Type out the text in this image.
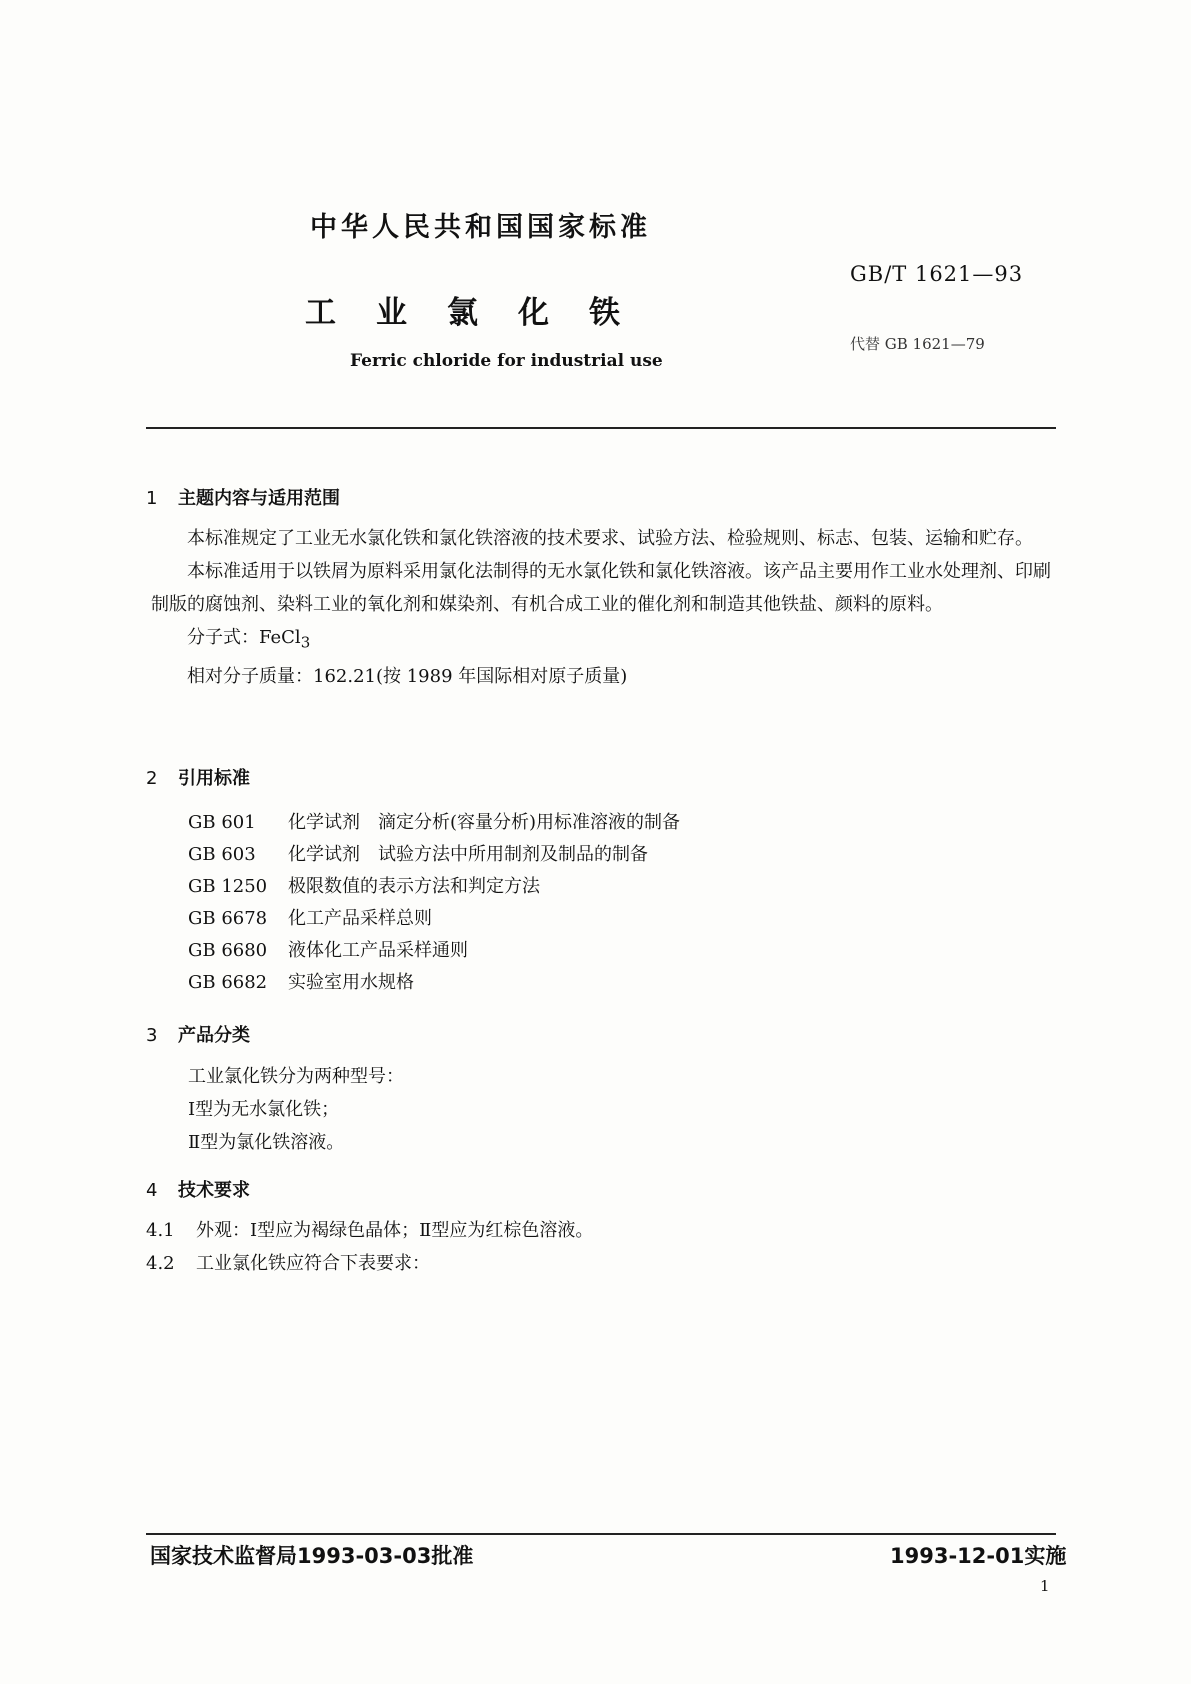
中华人民共和国国家标准
GB/T 1621—93
工业氯化铁
代替 GB 1621—79
Ferric chloride for industrial use
1 主题内容与适用范围

本标准规定了工业无水氯化铁和氯化铁溶液的技术要求、试验方法、检验规则、标志、包装、运输和贮存。

本标准适用于以铁屑为原料采用氯化法制得的无水氯化铁和氯化铁溶液。该产品主要用作工业水处理剂、印刷制版的腐蚀剂、染料工业的氧化剂和媒染剂、有机合成工业的催化剂和制造其他铁盐、颜料的原料。

分子式：FeCl$_3$

相对分子质量：162.21(按 1989 年国际相对原子质量)

2 引用标准
GB 601 化学试剂　滴定分析(容量分析)用标准溶液的制备
GB 603 化学试剂　试验方法中所用制剂及制品的制备
GB 1250 极限数值的表示方法和判定方法
GB 6678 化工产品采样总则
GB 6680 液体化工产品采样通则
GB 6682 实验室用水规格
3 产品分类
工业氯化铁分为两种型号：
Ⅰ型为无水氯化铁；
Ⅱ型为氯化铁溶液。
4 技术要求
4.1 外观：Ⅰ型应为褐绿色晶体；Ⅱ型应为红棕色溶液。
4.2 工业氯化铁应符合下表要求：
国家技术监督局1993-03-03批准	1993-12-01实施
1
